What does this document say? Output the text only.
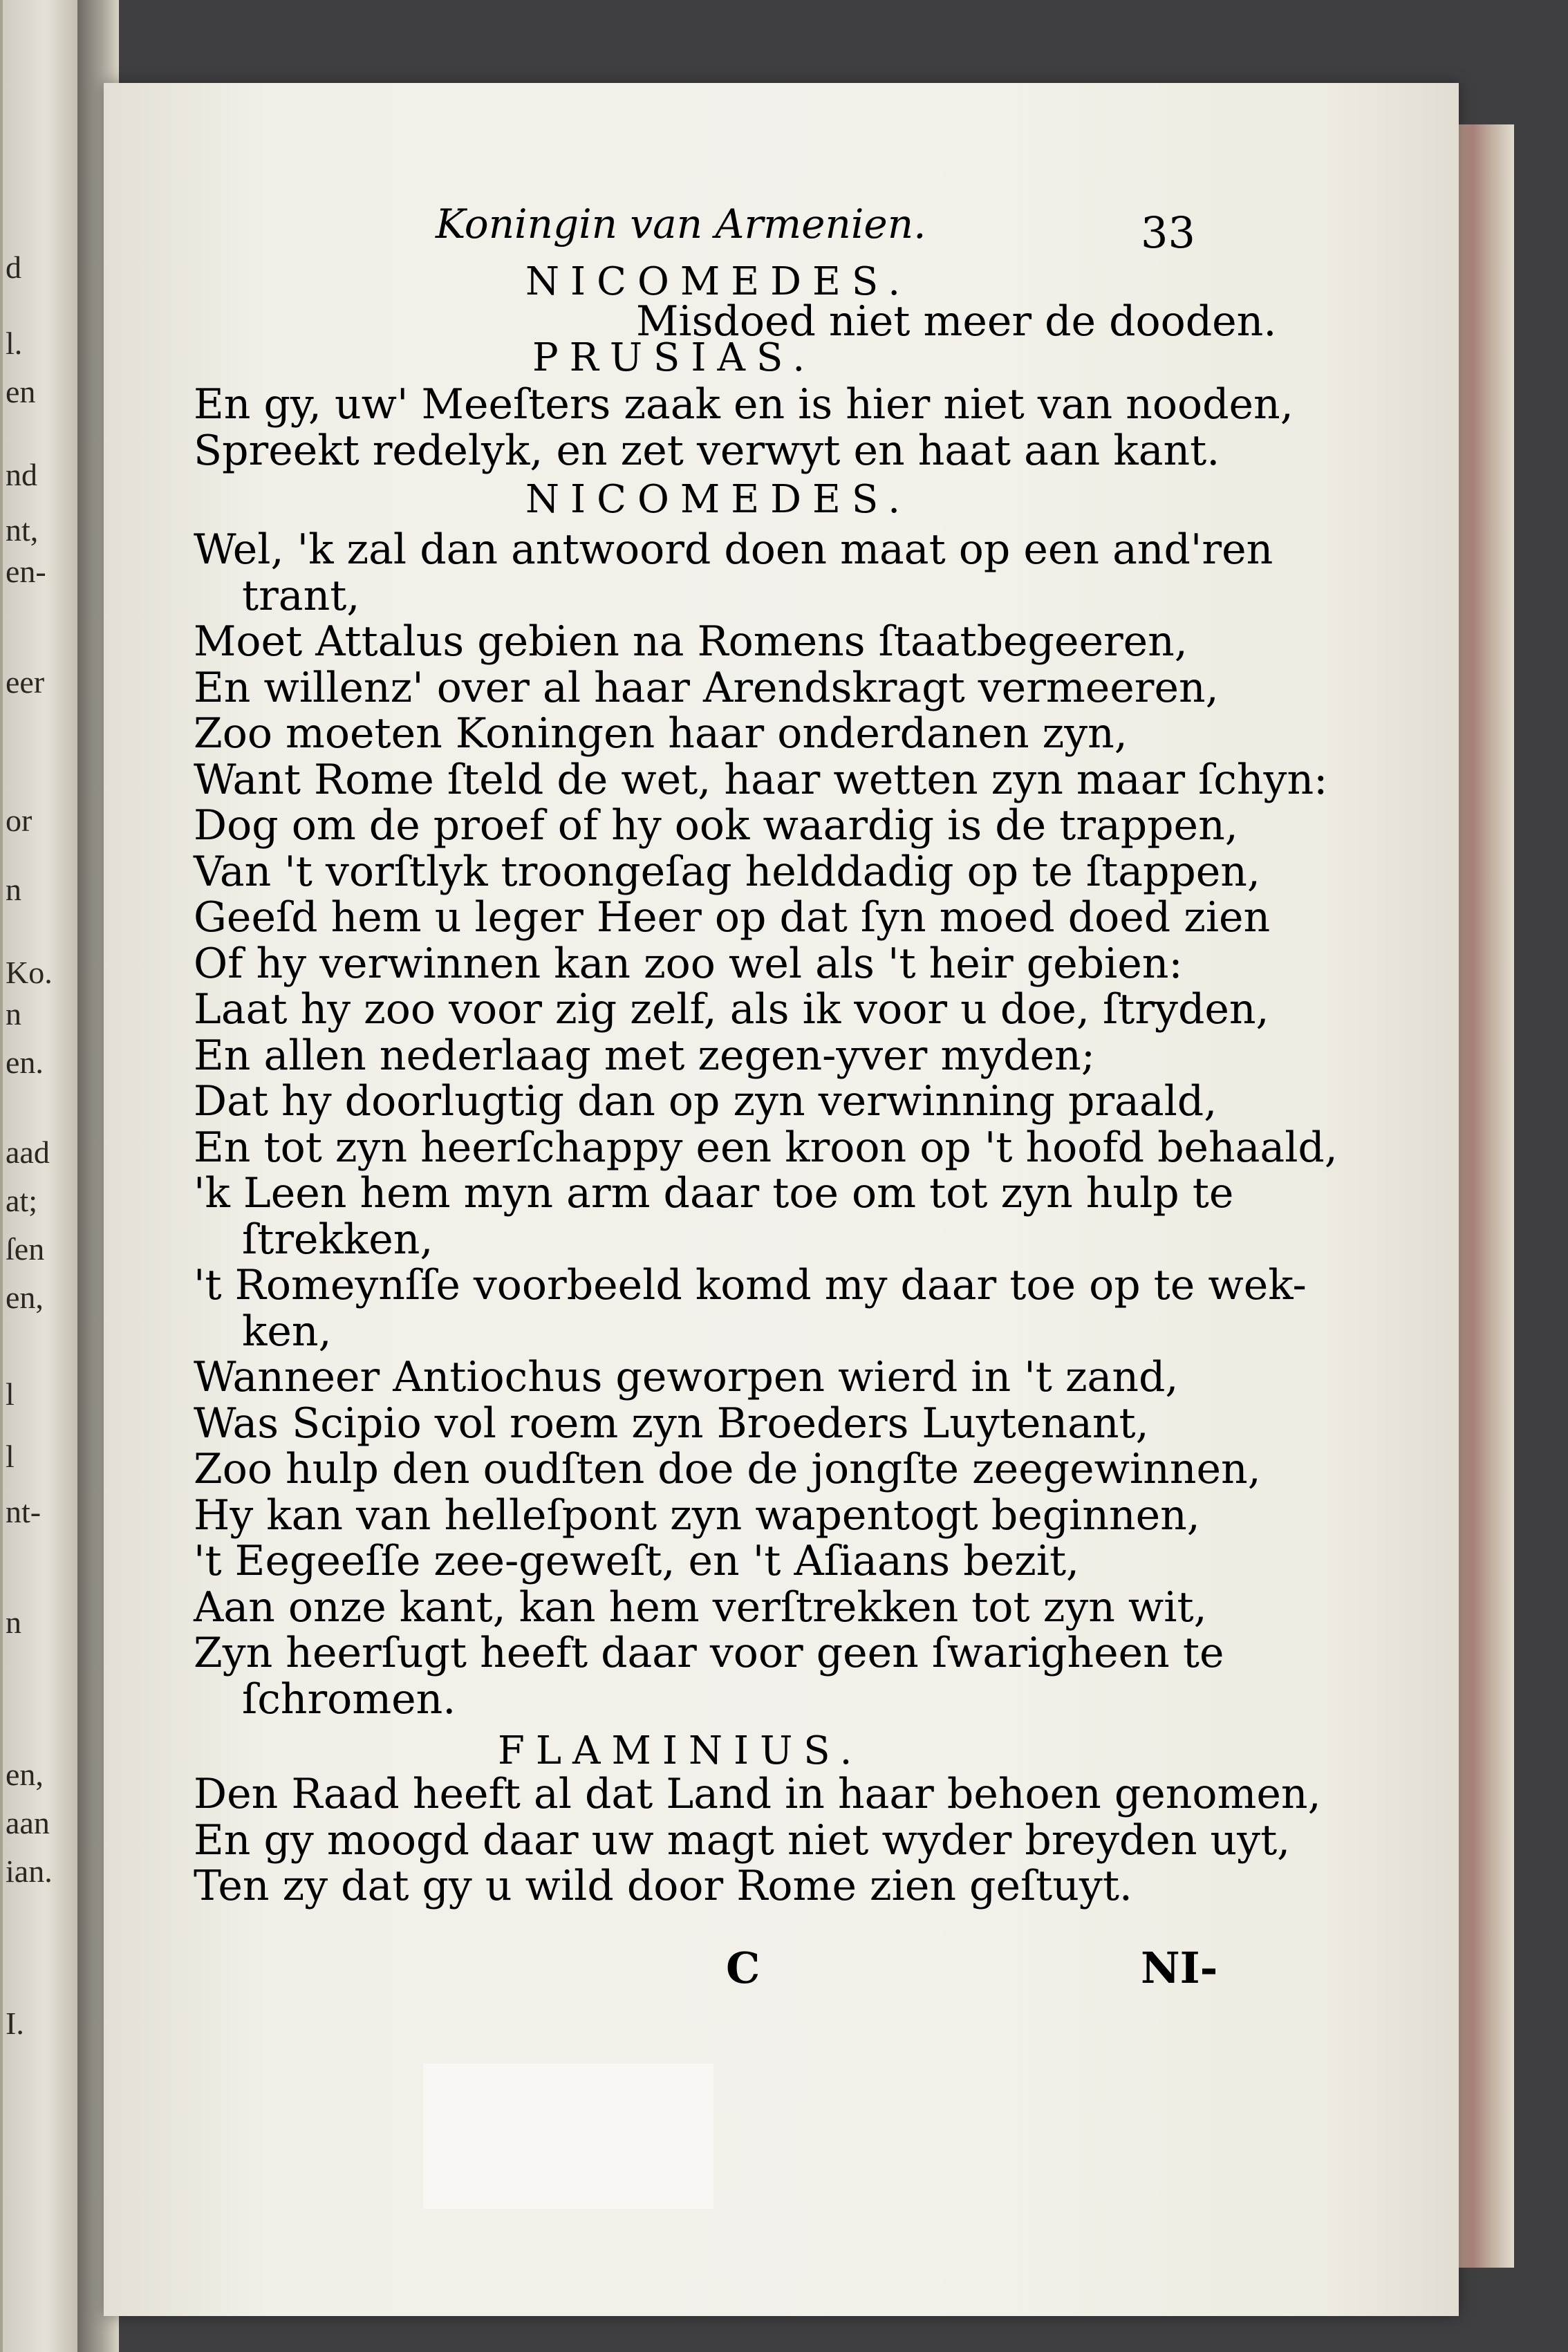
d
l.
en
nd
nt,
en-
eer
or
n
Ko.
n
en.
aad
at;
ſen
en,
l
l
nt-
n
en,
aan
ian.
I.
Koningin van Armenien.	33
NICOMEDES.
Misdoed niet meer de dooden.
PRUSIAS.
En gy, uw' Meeſters zaak en is hier niet van nooden,
Spreekt redelyk, en zet verwyt en haat aan kant.
NICOMEDES.
Wel, 'k zal dan antwoord doen maat op een and'ren
trant,
Moet Attalus gebien na Romens ſtaatbegeeren,
En willenz' over al haar Arendskragt vermeeren,
Zoo moeten Koningen haar onderdanen zyn,
Want Rome ſteld de wet, haar wetten zyn maar ſchyn:
Dog om de proef of hy ook waardig is de trappen,
Van 't vorſtlyk troongeſag helddadig op te ſtappen,
Geeſd hem u leger Heer op dat ſyn moed doed zien
Of hy verwinnen kan zoo wel als 't heir gebien:
Laat hy zoo voor zig zelf, als ik voor u doe, ſtryden,
En allen nederlaag met zegen-yver myden;
Dat hy doorlugtig dan op zyn verwinning praald,
En tot zyn heerſchappy een kroon op 't hoofd behaald,
'k Leen hem myn arm daar toe om tot zyn hulp te
ſtrekken,
't Romeynſſe voorbeeld komd my daar toe op te wek-
ken,
Wanneer Antiochus geworpen wierd in 't zand,
Was Scipio vol roem zyn Broeders Luytenant,
Zoo hulp den oudſten doe de jongſte zeegewinnen,
Hy kan van helleſpont zyn wapentogt beginnen,
't Eegeeſſe zee-geweſt, en 't Aſiaans bezit,
Aan onze kant, kan hem verſtrekken tot zyn wit,
Zyn heerſugt heeft daar voor geen ſwarigheen te
ſchromen.
FLAMINIUS.
Den Raad heeft al dat Land in haar behoen genomen,
En gy moogd daar uw magt niet wyder breyden uyt,
Ten zy dat gy u wild door Rome zien geſtuyt.
C	NI-
